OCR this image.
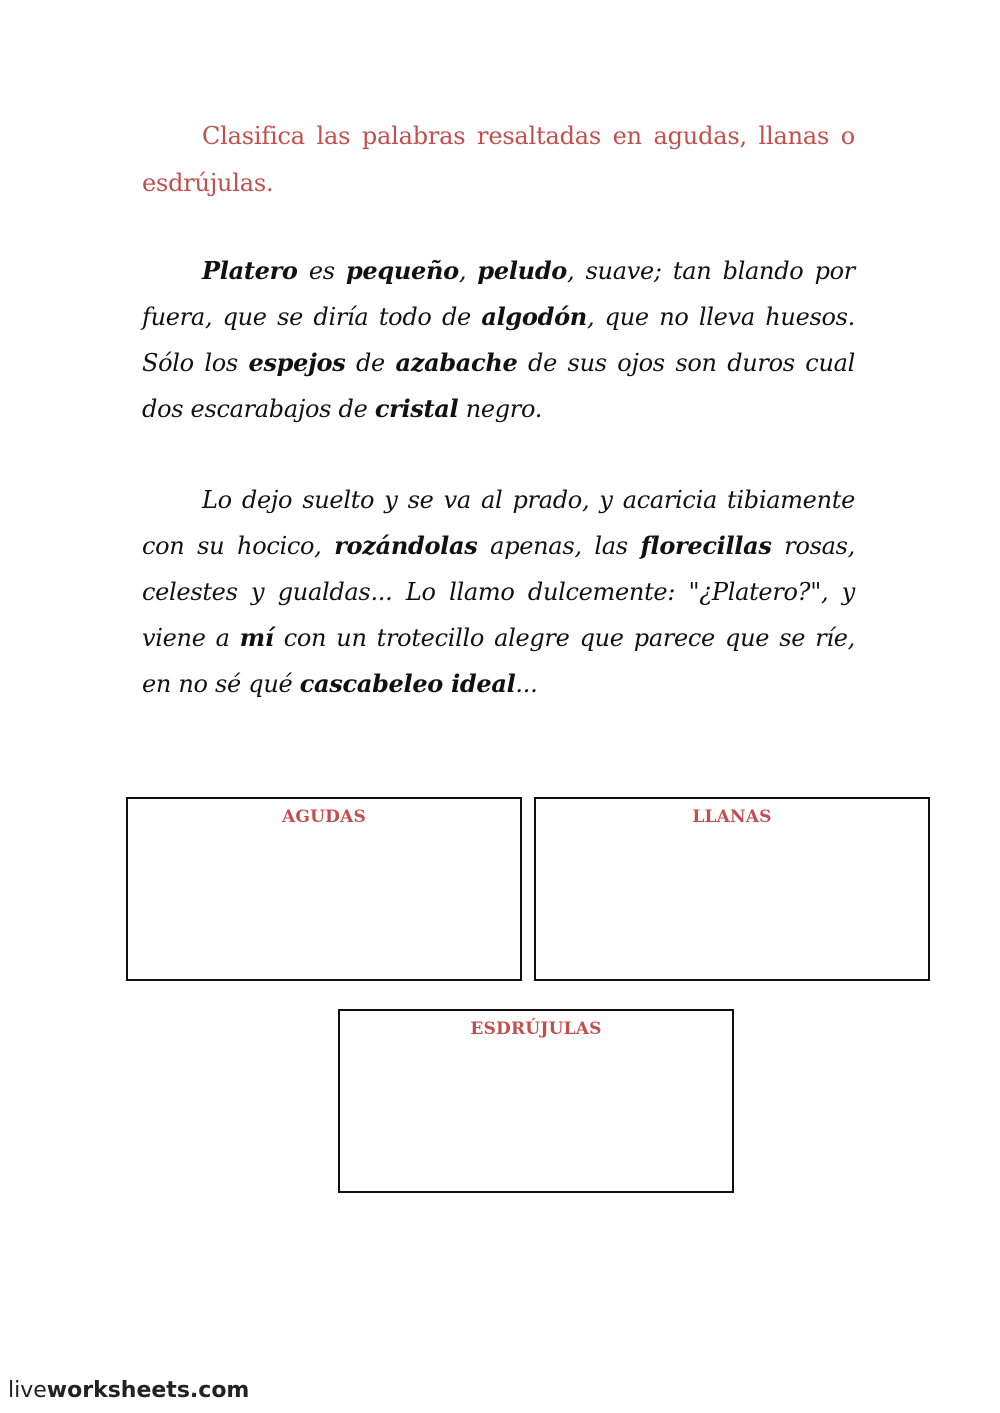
Clasifica las palabras resaltadas en agudas, llanas o esdrújulas.

Platero es pequeño, peludo, suave; tan blando por fuera, que se diría todo de algodón, que no lleva huesos. Sólo los espejos de azabache de sus ojos son duros cual dos escarabajos de cristal negro.

Lo dejo suelto y se va al prado, y acaricia tibiamente con su hocico, rozándolas apenas, las florecillas rosas, celestes y gualdas... Lo llamo dulcemente: "¿Platero?", y viene a mí con un trotecillo alegre que parece que se ríe, en no sé qué cascabeleo ideal...

AGUDAS	LLANAS
ESDRÚJULAS
liveworksheets.com
